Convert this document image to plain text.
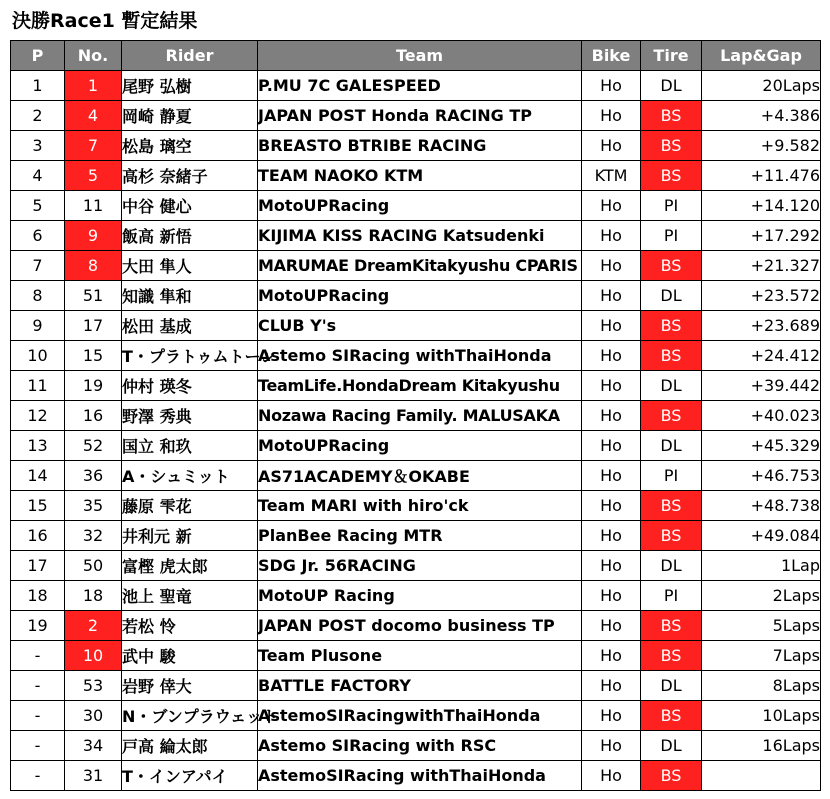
決勝Race1 暫定結果
P	No.	Rider	Team	Bike	Tire	Lap&Gap
1	1	尾野 弘樹	P.MU 7C GALESPEED	Ho	DL	20Laps
2	4	岡崎 静夏	JAPAN POST Honda RACING TP	Ho	BS	+4.386
3	7	松島 璃空	BREASTO BTRIBE RACING	Ho	BS	+9.582
4	5	高杉 奈緒子	TEAM NAOKO KTM	KTM	BS	+11.476
5	11	中谷 健心	MotoUPRacing	Ho	PI	+14.120
6	9	飯高 新悟	KIJIMA KISS RACING Katsudenki	Ho	PI	+17.292
7	8	大田 隼人	MARUMAE DreamKitakyushu CPARIS	Ho	BS	+21.327
8	51	知識 隼和	MotoUPRacing	Ho	DL	+23.572
9	17	松田 基成	CLUB Y's	Ho	BS	+23.689
10	15	T・プラトゥムトーン	Astemo SIRacing withThaiHonda	Ho	BS	+24.412
11	19	仲村 瑛冬	TeamLife.HondaDream Kitakyushu	Ho	DL	+39.442
12	16	野澤 秀典	Nozawa Racing Family. MALUSAKA	Ho	BS	+40.023
13	52	国立 和玖	MotoUPRacing	Ho	DL	+45.329
14	36	A・シュミット	AS71ACADEMY＆OKABE	Ho	PI	+46.753
15	35	藤原 雫花	Team MARI with hiro'ck	Ho	BS	+48.738
16	32	井利元 新	PlanBee Racing MTR	Ho	BS	+49.084
17	50	富樫 虎太郎	SDG Jr. 56RACING	Ho	DL	1Lap
18	18	池上 聖竜	MotoUP Racing	Ho	PI	2Laps
19	2	若松 怜	JAPAN POST docomo business TP	Ho	BS	5Laps
-	10	武中 駿	Team Plusone	Ho	BS	7Laps
-	53	岩野 倖大	BATTLE FACTORY	Ho	DL	8Laps
-	30	N・ブンプラウェット	AstemoSIRacingwithThaiHonda	Ho	BS	10Laps
-	34	戸高 綸太郎	Astemo SIRacing with RSC	Ho	DL	16Laps
-	31	T・インアパイ	AstemoSIRacing withThaiHonda	Ho	BS	
